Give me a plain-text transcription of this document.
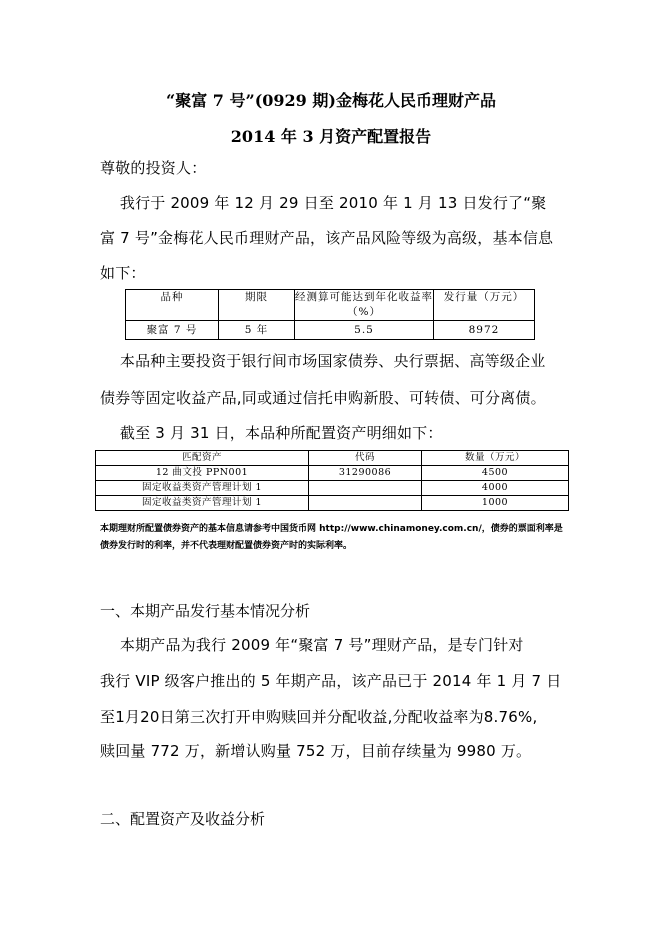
“聚富 7 号”(0929 期)金梅花人民币理财产品
2014 年 3 月资产配置报告
尊敬的投资人：
我行于 2009 年 12 月 29 日至 2010 年 1 月 13 日发行了“聚
富 7 号”金梅花人民币理财产品，该产品风险等级为高级，基本信息
如下：
品种	期限	经测算可能达到年化收益率（%）	发行量（万元）
聚富 7 号	5 年	5.5	8972
本品种主要投资于银行间市场国家债券、央行票据、高等级企业
债券等固定收益产品,同或通过信托申购新股、可转债、可分离债。
截至 3 月 31 日，本品种所配置资产明细如下：
匹配资产	代码	数量（万元）
12 曲文投 PPN001	31290086	4500
固定收益类资产管理计划 1		4000
固定收益类资产管理计划 1		1000
本期理财所配置债券资产的基本信息请参考中国货币网 http://www.chinamoney.com.cn/，债券的票面利率是债券发行时的利率，并不代表理财配置债券资产时的实际利率。
一、本期产品发行基本情况分析
本期产品为我行 2009 年“聚富 7 号”理财产品，是专门针对
我行 VIP 级客户推出的 5 年期产品，该产品已于 2014 年 1 月 7 日
至1月20日第三次打开申购赎回并分配收益,分配收益率为8.76%,
赎回量 772 万，新增认购量 752 万，目前存续量为 9980 万。
二、配置资产及收益分析
